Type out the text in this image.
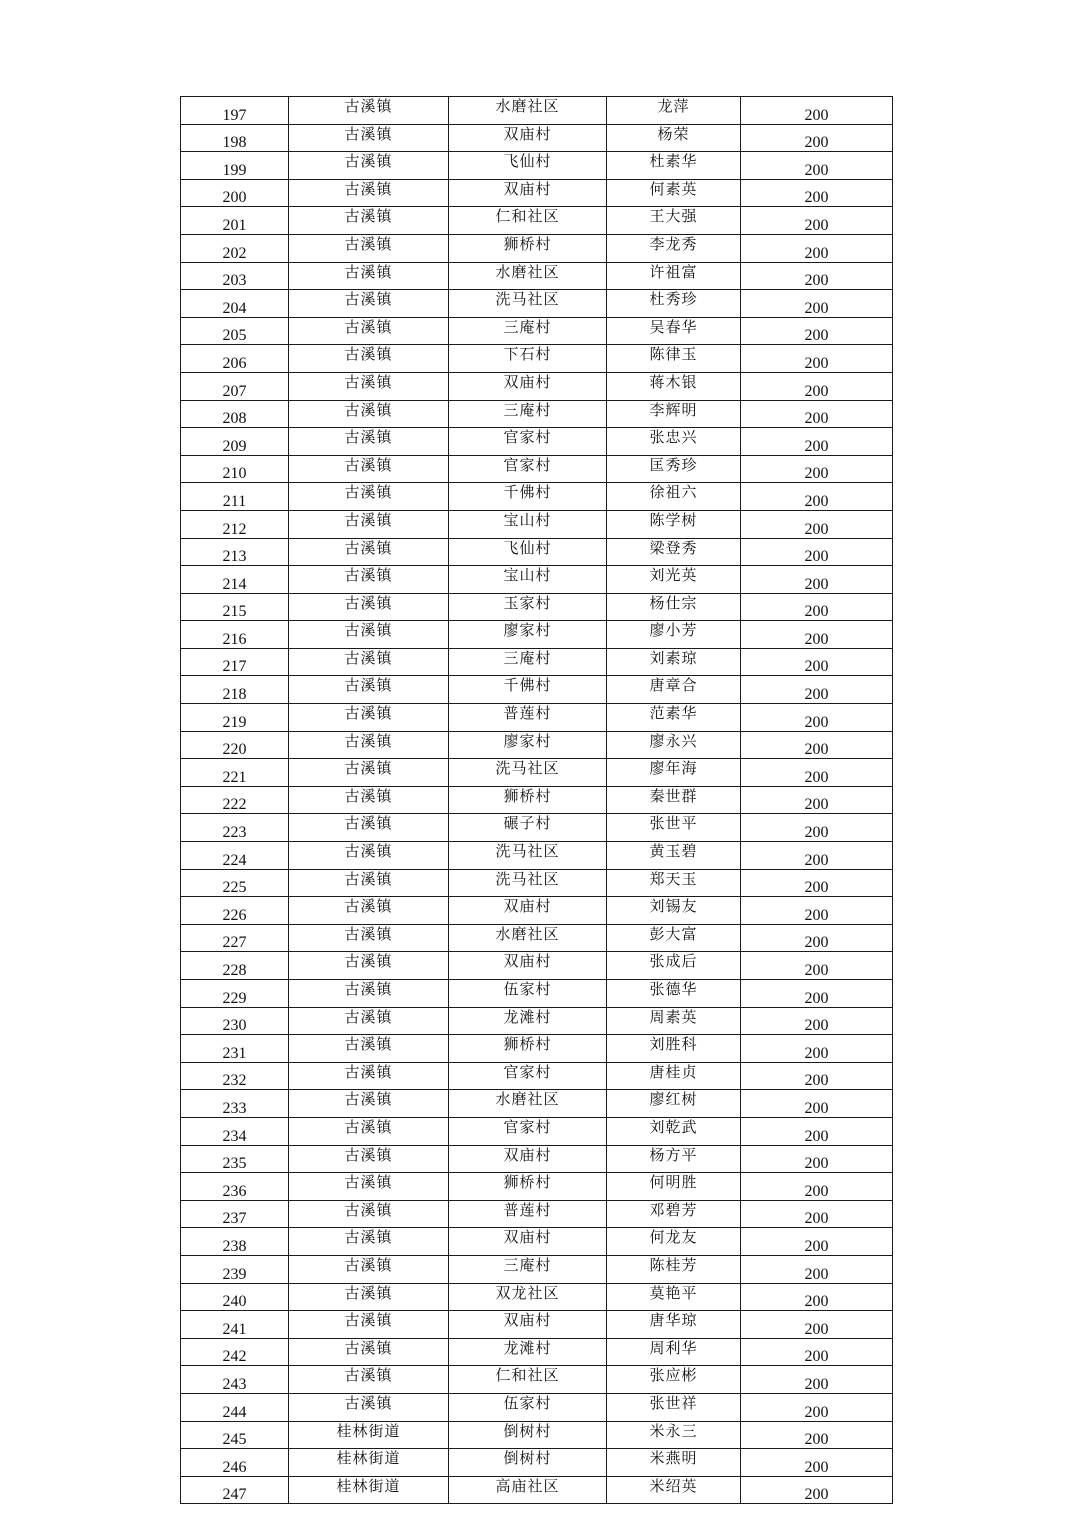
197	古溪镇	水磨社区	龙萍	200
198	古溪镇	双庙村	杨荣	200
199	古溪镇	飞仙村	杜素华	200
200	古溪镇	双庙村	何素英	200
201	古溪镇	仁和社区	王大强	200
202	古溪镇	狮桥村	李龙秀	200
203	古溪镇	水磨社区	许祖富	200
204	古溪镇	洗马社区	杜秀珍	200
205	古溪镇	三庵村	吴春华	200
206	古溪镇	下石村	陈律玉	200
207	古溪镇	双庙村	蒋木银	200
208	古溪镇	三庵村	李辉明	200
209	古溪镇	官家村	张忠兴	200
210	古溪镇	官家村	匡秀珍	200
211	古溪镇	千佛村	徐祖六	200
212	古溪镇	宝山村	陈学树	200
213	古溪镇	飞仙村	梁登秀	200
214	古溪镇	宝山村	刘光英	200
215	古溪镇	玉家村	杨仕宗	200
216	古溪镇	廖家村	廖小芳	200
217	古溪镇	三庵村	刘素琼	200
218	古溪镇	千佛村	唐章合	200
219	古溪镇	普莲村	范素华	200
220	古溪镇	廖家村	廖永兴	200
221	古溪镇	洗马社区	廖年海	200
222	古溪镇	狮桥村	秦世群	200
223	古溪镇	碾子村	张世平	200
224	古溪镇	洗马社区	黄玉碧	200
225	古溪镇	洗马社区	郑天玉	200
226	古溪镇	双庙村	刘锡友	200
227	古溪镇	水磨社区	彭大富	200
228	古溪镇	双庙村	张成后	200
229	古溪镇	伍家村	张德华	200
230	古溪镇	龙滩村	周素英	200
231	古溪镇	狮桥村	刘胜科	200
232	古溪镇	官家村	唐桂贞	200
233	古溪镇	水磨社区	廖红树	200
234	古溪镇	官家村	刘乾武	200
235	古溪镇	双庙村	杨方平	200
236	古溪镇	狮桥村	何明胜	200
237	古溪镇	普莲村	邓碧芳	200
238	古溪镇	双庙村	何龙友	200
239	古溪镇	三庵村	陈桂芳	200
240	古溪镇	双龙社区	莫艳平	200
241	古溪镇	双庙村	唐华琼	200
242	古溪镇	龙滩村	周利华	200
243	古溪镇	仁和社区	张应彬	200
244	古溪镇	伍家村	张世祥	200
245	桂林街道	倒树村	米永三	200
246	桂林街道	倒树村	米燕明	200
247	桂林街道	高庙社区	米绍英	200
